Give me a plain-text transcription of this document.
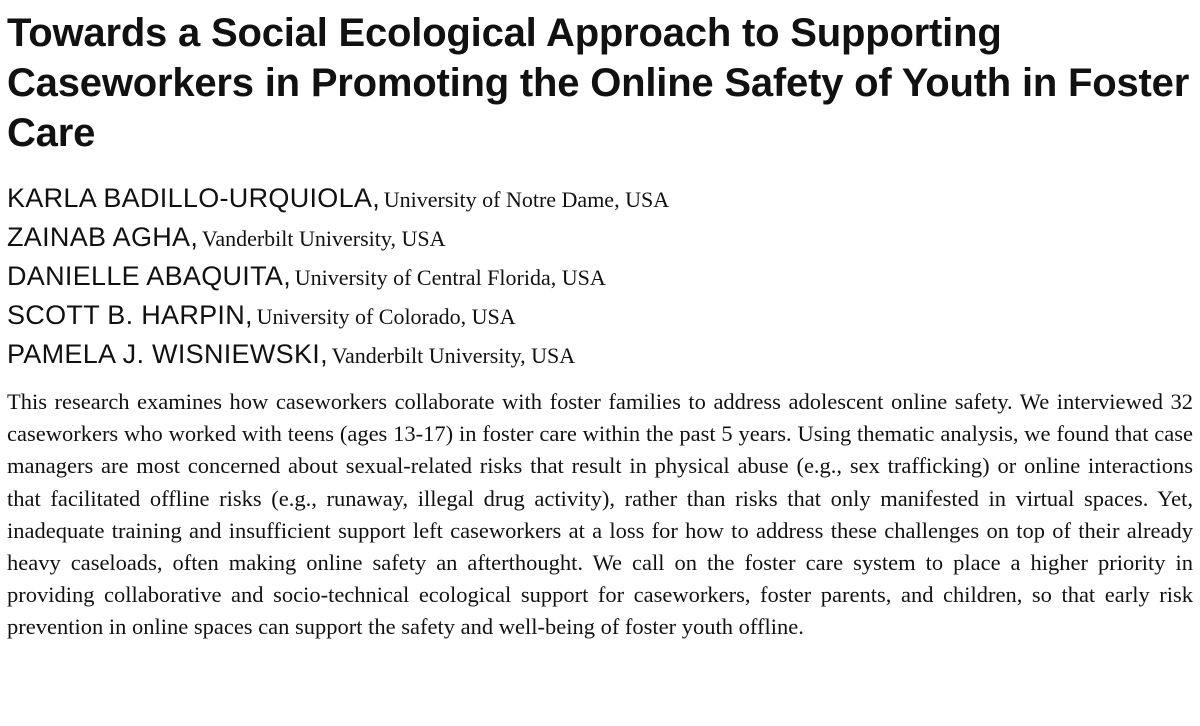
Towards a Social Ecological Approach to Supporting Caseworkers in Promoting the Online Safety of Youth in Foster Care
KARLA BADILLO-URQUIOLA, University of Notre Dame, USA
ZAINAB AGHA, Vanderbilt University, USA
DANIELLE ABAQUITA, University of Central Florida, USA
SCOTT B. HARPIN, University of Colorado, USA
PAMELA J. WISNIEWSKI, Vanderbilt University, USA

This research examines how caseworkers collaborate with foster families to address adolescent online safety. We interviewed 32 caseworkers who worked with teens (ages 13-17) in foster care within the past 5 years. Using thematic analysis, we found that case managers are most concerned about sexual-related risks that result in physical abuse (e.g., sex trafficking) or online interactions that facilitated offline risks (e.g., runaway, illegal drug activity), rather than risks that only manifested in virtual spaces. Yet, inadequate training and insufficient support left caseworkers at a loss for how to address these challenges on top of their already heavy caseloads, often making online safety an afterthought. We call on the foster care system to place a higher priority in providing collaborative and socio-technical ecological support for caseworkers, foster parents, and children, so that early risk prevention in online spaces can support the safety and well-being of foster youth offline.
